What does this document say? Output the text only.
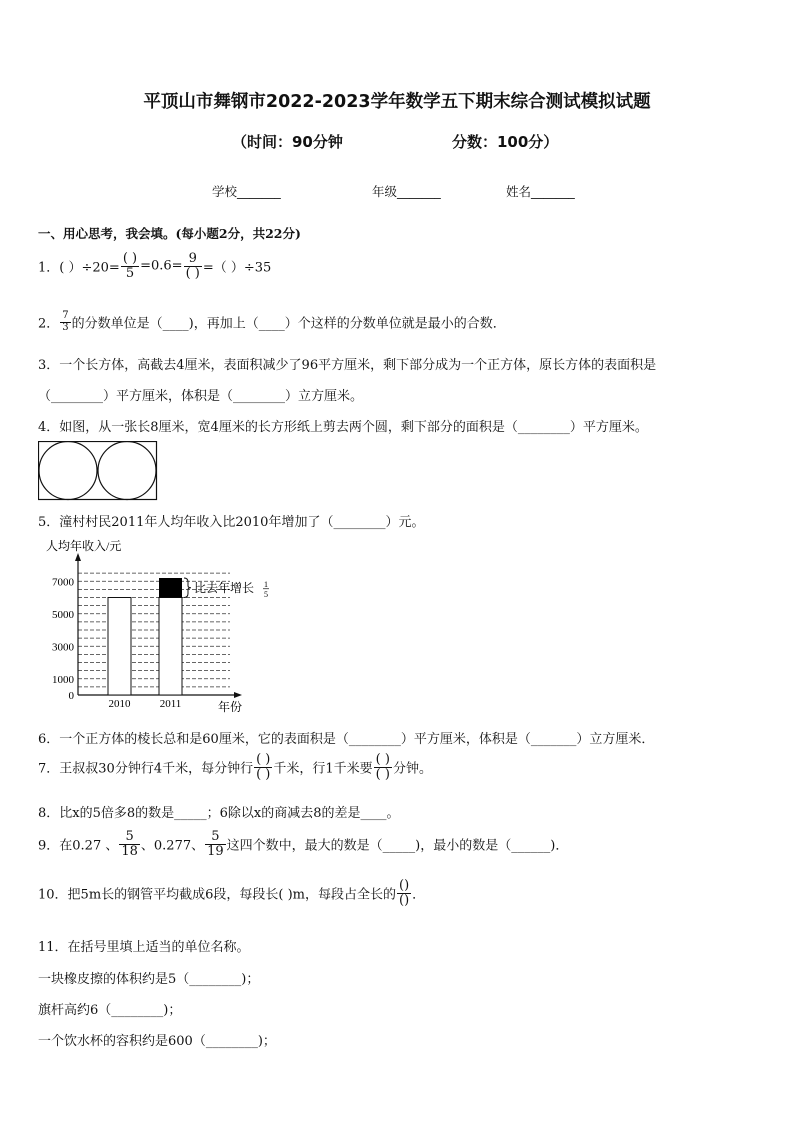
平顶山市舞钢市2022-2023学年数学五下期末综合测试模拟试题
（时间：90分钟	分数：100分）
学校_______	年级_______	姓名_______
一、用心思考，我会填。(每小题2分，共22分)
1．( ）$\div 20= \frac{( )}{5} =0.6= \frac{9}{( )}$ =（ ）÷35
2． $\frac{7}{3}$ 的分数单位是（____)，再加上（____）个这样的分数单位就是最小的合数．
3．一个长方体，高截去4厘米，表面积减少了96平方厘米，剩下部分成为一个正方体，原长方体的表面积是
（________）平方厘米，体积是（________）立方厘米。
4．如图，从一张长8厘米，宽4厘米的长方形纸上剪去两个圆，剩下部分的面积是（________）平方厘米。
5．潼村村民2011年人均年收入比2010年增加了（________）元。
人均年收入/元
年份
0
1000
3000
5000
7000
2010	2011
比去年增长 1
5
6．一个正方体的棱长总和是60厘米，它的表面积是（________）平方厘米，体积是（_______）立方厘米．
7．王叔叔30分钟行4千米，每分钟行 $\frac{( )}{( )}$ 千米，行1千米要 $\frac{( )}{( )}$ 分钟。
8．比x的5倍多8的数是_____；6除以x的商减去8的差是____。
9．在0.27 、 $\frac{5}{18}$ 、0.277、 $\frac{5}{19}$ 这四个数中，最大的数是（_____)，最小的数是（______)．
10．把5m长的钢管平均截成6段，每段长( )m，每段占全长的 $\frac{()}{()}$ ．
11．在括号里填上适当的单位名称。
一块橡皮擦的体积约是5（________)；
旗杆高约6（________)；
一个饮水杯的容积约是600（________)；
